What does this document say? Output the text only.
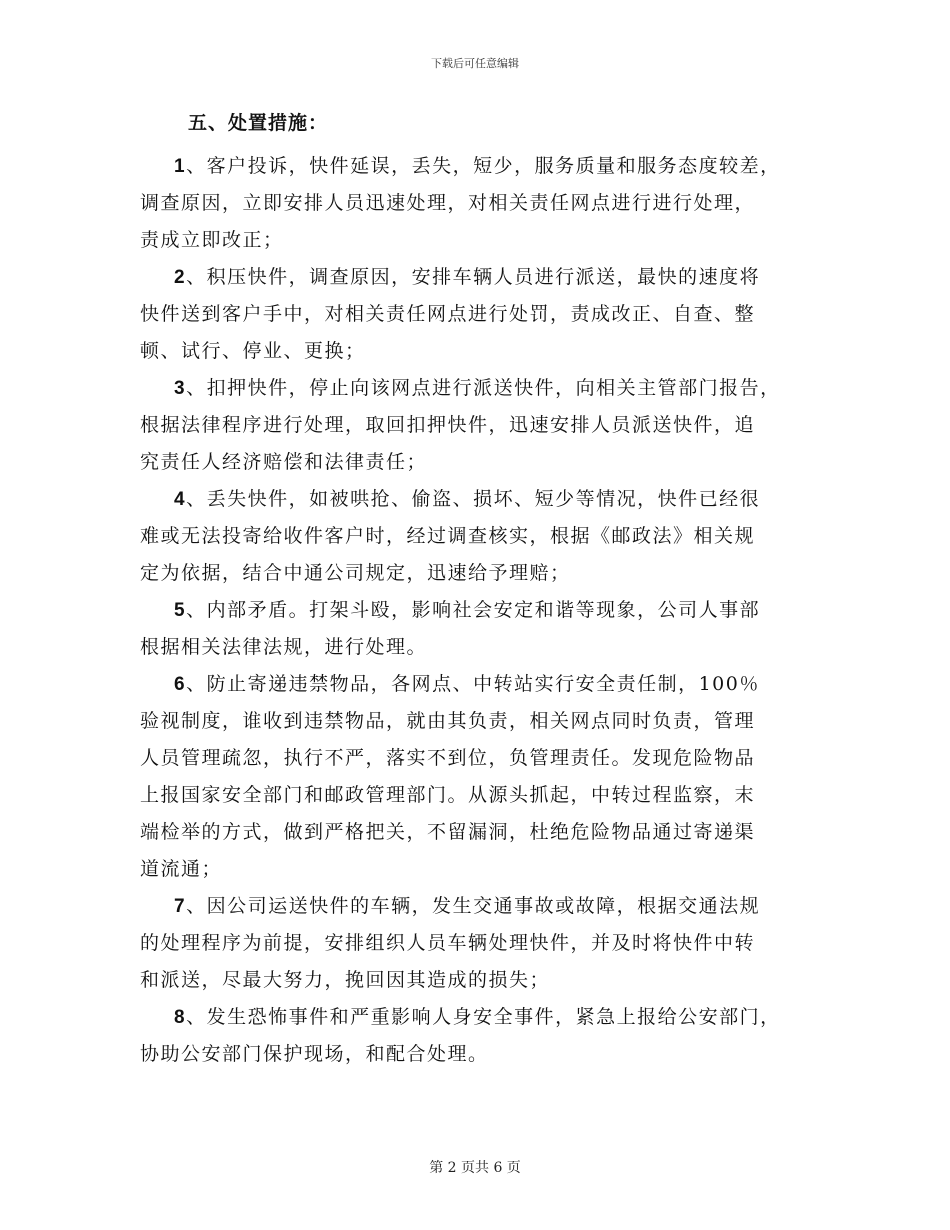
下载后可任意编辑
五、处置措施：
1、客户投诉，快件延误，丢失，短少，服务质量和服务态度较差，
调查原因，立即安排人员迅速处理，对相关责任网点进行进行处理，
责成立即改正；
2、积压快件，调查原因，安排车辆人员进行派送，最快的速度将
快件送到客户手中，对相关责任网点进行处罚，责成改正、自查、整
顿、试行、停业、更换；
3、扣押快件，停止向该网点进行派送快件，向相关主管部门报告，
根据法律程序进行处理，取回扣押快件，迅速安排人员派送快件，追
究责任人经济赔偿和法律责任；
4、丢失快件，如被哄抢、偷盗、损坏、短少等情况，快件已经很
难或无法投寄给收件客户时，经过调查核实，根据《邮政法》相关规
定为依据，结合中通公司规定，迅速给予理赔；
5、内部矛盾。打架斗殴，影响社会安定和谐等现象，公司人事部
根据相关法律法规，进行处理。
6、防止寄递违禁物品，各网点、中转站实行安全责任制，100％
验视制度，谁收到违禁物品，就由其负责，相关网点同时负责，管理
人员管理疏忽，执行不严，落实不到位，负管理责任。发现危险物品
上报国家安全部门和邮政管理部门。从源头抓起，中转过程监察，末
端检举的方式，做到严格把关，不留漏洞，杜绝危险物品通过寄递渠
道流通；
7、因公司运送快件的车辆，发生交通事故或故障，根据交通法规
的处理程序为前提，安排组织人员车辆处理快件，并及时将快件中转
和派送，尽最大努力，挽回因其造成的损失；
8、发生恐怖事件和严重影响人身安全事件，紧急上报给公安部门，
协助公安部门保护现场，和配合处理。
第 2 页共 6 页
